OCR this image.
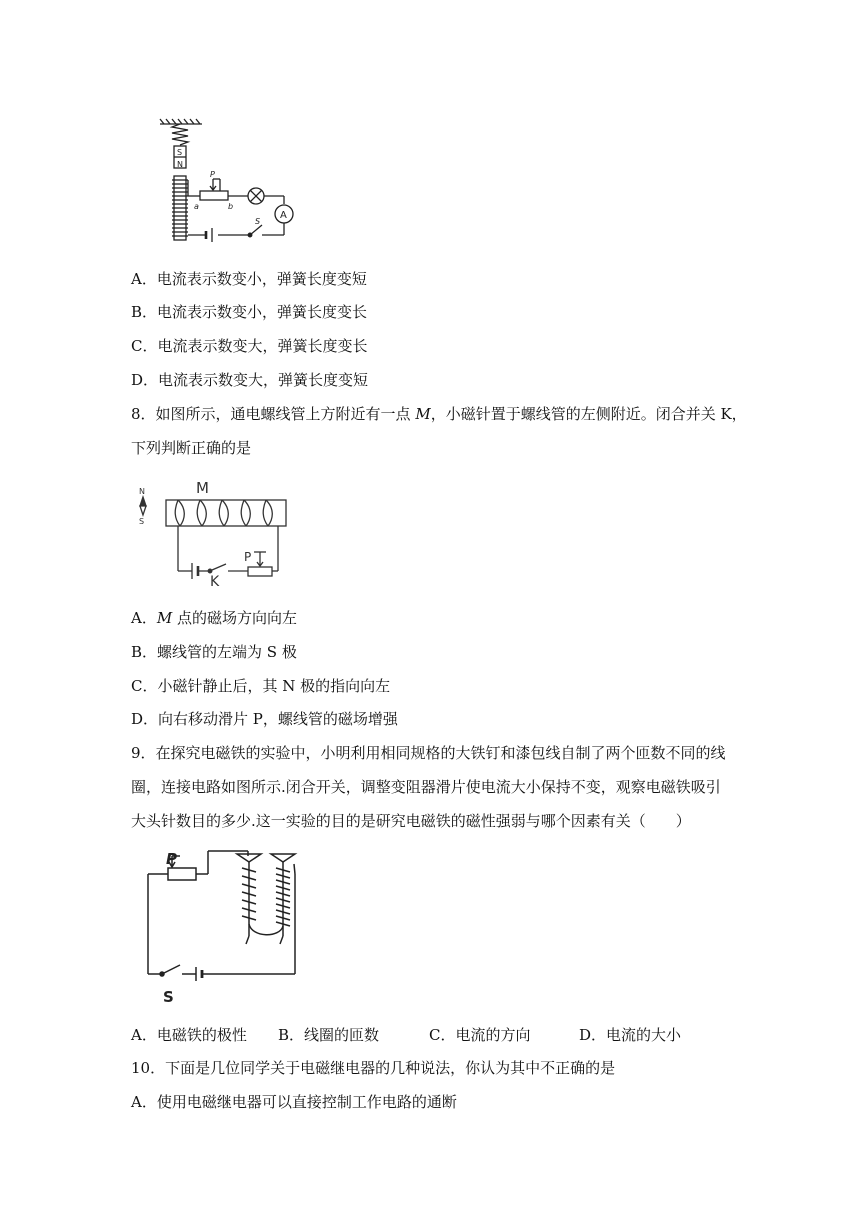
S
N
P
a	b
S
A
A．电流表示数变小，弹簧长度变短
B．电流表示数变小，弹簧长度变长
C．电流表示数变大，弹簧长度变长
D．电流表示数变大，弹簧长度变短
8．如图所示，通电螺线管上方附近有一点 M，小磁针置于螺线管的左侧附近。闭合并关 K，
下列判断正确的是
N
S
M
P
K
A．M 点的磁场方向向左
B．螺线管的左端为 S 极
C．小磁针静止后，其 N 极的指向向左
D．向右移动滑片 P，螺线管的磁场增强
9．在探究电磁铁的实验中，小明利用相同规格的大铁钉和漆包线自制了两个匝数不同的线
圈，连接电路如图所示.闭合开关，调整变阻器滑片使电流大小保持不变，观察电磁铁吸引
大头针数目的多少.这一实验的目的是研究电磁铁的磁性强弱与哪个因素有关（　　）
P
S
A．电磁铁的极性 B．线圈的匝数	C．电流的方向	D．电流的大小
10．下面是几位同学关于电磁继电器的几种说法，你认为其中不正确的是
A．使用电磁继电器可以直接控制工作电路的通断
